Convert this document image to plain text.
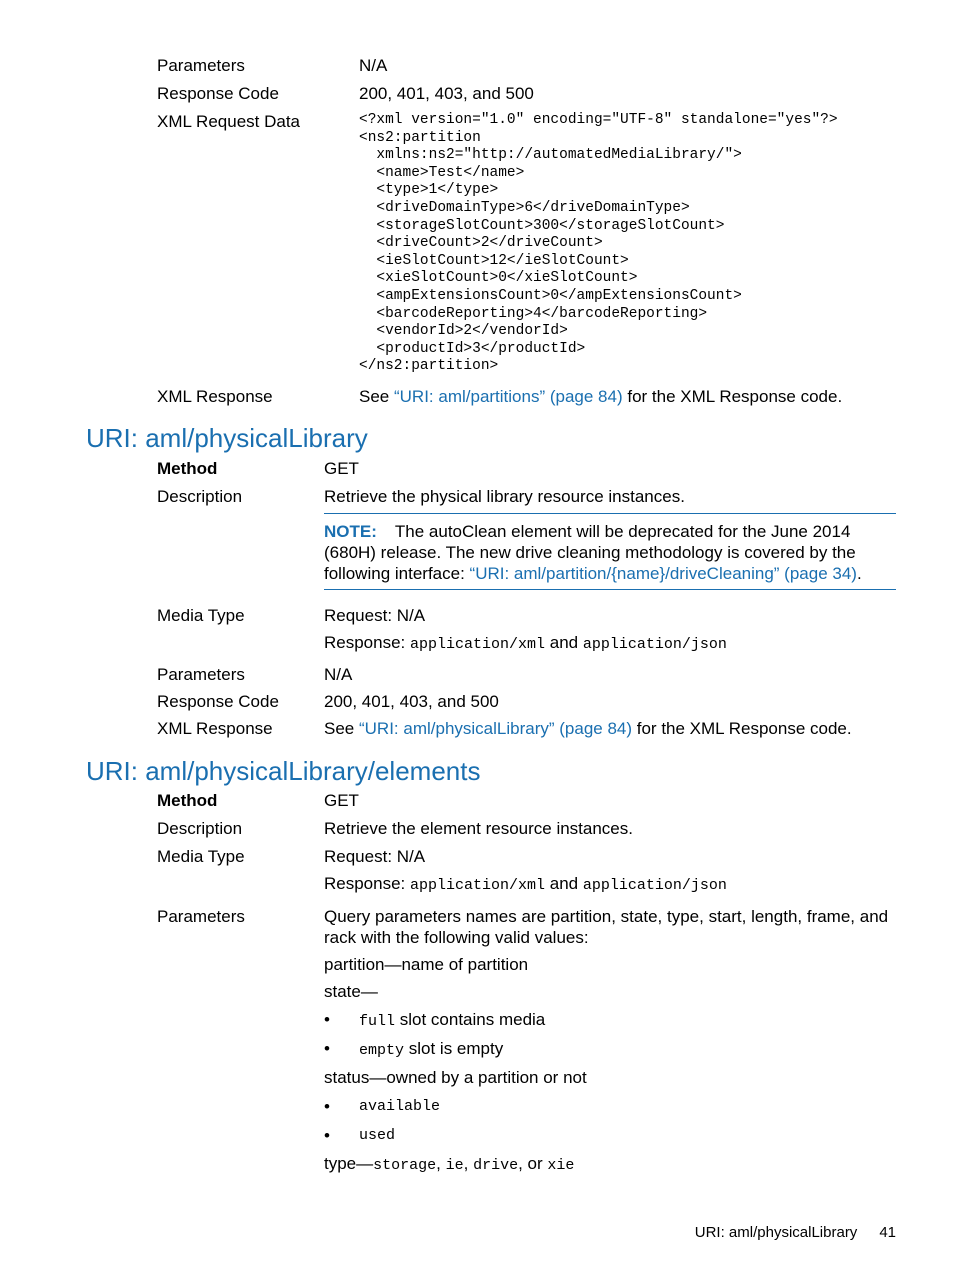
Parameters	N/A
Response Code	200, 401, 403, and 500
XML Request Data	<?xml version="1.0" encoding="UTF-8" standalone="yes"?>
<ns2:partition
xmlns:ns2="http://automatedMediaLibrary/">
<name>Test</name>
<type>1</type>
<driveDomainType>6</driveDomainType>
<storageSlotCount>300</storageSlotCount>
<driveCount>2</driveCount>
<ieSlotCount>12</ieSlotCount>
<xieSlotCount>0</xieSlotCount>
<ampExtensionsCount>0</ampExtensionsCount>
<barcodeReporting>4</barcodeReporting>
<vendorId>2</vendorId>
<productId>3</productId>
</ns2:partition>
XML Response	See “URI: aml/partitions” (page 84) for the XML Response code.
URI: aml/physicalLibrary
Method	GET
Description	Retrieve the physical library resource instances.
NOTE: The autoClean element will be deprecated for the June 2014 (680H) release. The new drive cleaning methodology is covered by the following interface: “URI: aml/partition/{name}/driveCleaning” (page 34).
Media Type	Request: N/A
Response: application/xml and application/json
Parameters	N/A
Response Code	200, 401, 403, and 500
XML Response	See “URI: aml/physicalLibrary” (page 84) for the XML Response code.
URI: aml/physicalLibrary/elements
Method	GET
Description	Retrieve the element resource instances.
Media Type	Request: N/A
Response: application/xml and application/json
Parameters	Query parameters names are partition, state, type, start, length, frame, and rack with the following valid values:
partition—name of partition
state—
• full slot contains media
• empty slot is empty
status—owned by a partition or not
• available
• used
type—storage, ie, drive, or xie
URI: aml/physicalLibrary 41
